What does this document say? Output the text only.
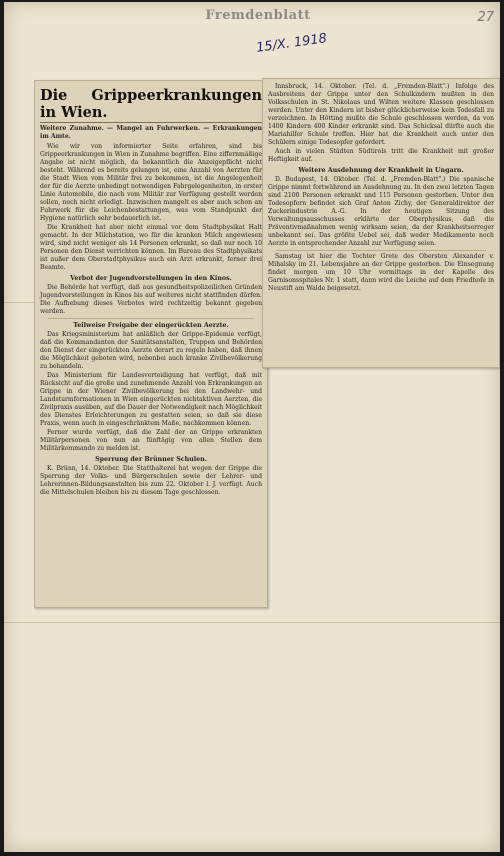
Fremdenblatt	27
15/X. 1918
Die Grippeerkrankungen in Wien.
Weitere Zunahme. — Mangel an Fuhrwerken. — Erkrankungen im Amte.

Wie wir von informierter Seite erfahren, sind bis Grippeerkrankungen in Wien in Zunahme begriffen. Eine ziffernmäßige Angabe ist nicht möglich, da bekanntlich die Anzeigepflicht nicht besteht. Während es bereits gelungen ist, eine Anzahl von Aerzten für die Stadt Wien vom Militär frei zu bekommen, ist die Angelegenheit der für die Aerzte unbedingt notwendigen Fahrgelegenheiten, in erster Linie Automobile, die nach vom Militär zur Verfügung gestellt werden sollen, noch nicht erledigt. Inzwischen mangelt es aber auch schon an Fuhrwerk für die Leichenbestattungen, was vom Standpunkt der Hygiene natürlich sehr bedauerlich ist.

Die Krankheit hat aber nicht einmal vor dem Stadtphysikat Halt gemacht. In der Milchstation, wo für die kranken Milch angewiesen wird, sind nicht weniger als 14 Personen erkrankt, so daß nur noch 10 Personen den Dienst verrichten können. Im Bureau des Stadtphysikats ist außer dem Oberstadtphysikus auch ein Arzt erkrankt, ferner drei Beamte.

Verbot der Jugendvorstellungen in den Kinos.

Die Behörde hat verfügt, daß aus gesundheitspolizeilichen Gründen Jugendvorstellungen in Kinos bis auf weiteres nicht stattfinden dürfen. Die Aufhebung dieses Verbotes wird rechtzeitig bekannt gegeben werden.

Teilweise Freigabe der eingerückten Aerzte.

Das Kriegsministerium hat anläßlich der Grippe-Epidemie verfügt, daß die Kommandanten der Sanitätsanstalten, Truppen und Behörden den Dienst der eingerückten Aerzte derart zu regeln haben, daß ihnen die Möglichkeit geboten wird, nebenbei auch kranke Zivilbevölkerung zu behandeln.

Das Ministerium für Landesverteidigung hat verfügt, daß mit Rücksicht auf die große und zunehmende Anzahl von Erkrankungen an Grippe in der Wiener Zivilbevölkerung bei den Landwehr- und Landsturmformationen in Wien eingerückten nichtaktiven Aerzten, die Zivilpraxis ausüben, auf die Dauer der Notwendigkeit nach Möglichkeit des Dienstes Erleichterungen zu gestatten seien, so daß sie diese Praxis, wenn auch in eingeschränktem Maße, nachkommen können.

Ferner wurde verfügt, daß die Zahl der an Grippe erkrankten Militärpersonen von nun an fünftägig von allen Stellen dem Militärkommando zu melden ist.

Sperrung der Brünner Schulen.

K. Brünn, 14. Oktober. Die Statthalterei hat wegen der Grippe die Sperrung der Volks- und Bürgerschulen sowie der Lehrer- und Lehrerinnen-Bildungsanstalten bis zum 22. Oktober l. J. verfügt. Auch die Mittelschulen bleiben bis zu diesem Tage geschlossen.

Innsbruck, 14. Oktober. (Tel. d. „Fremden-Blatt".) Infolge des Ausbreitens der Grippe unter den Schulkindern mußten in den Volksschulen in St. Nikolaus und Wilten weitere Klassen geschlossen werden. Unter den Kindern ist bisher glücklicherweise kein Todesfall zu verzeichnen. In Hötting mußte die Schule geschlossen werden, da von 1400 Kindern 400 Kinder erkrankt sind. Das Schicksal dürfte auch die Mariahilfer Schule treffen. Hier hat die Krankheit auch unter den Schülern einige Todesopfer gefordert.

Auch in vielen Städten Südtirols tritt die Krankheit mit großer Heftigkeit auf.

Weitere Ausdehnung der Krankheit in Ungarn.

D. Budapest, 14. Oktober. (Tel. d. „Fremden-Blatt".) Die spanische Grippe nimmt fortwährend an Ausdehnung zu. In den zwei letzten Tagen sind 2100 Personen erkrankt und 115 Personen gestorben. Unter den Todesopfern befindet sich Graf Anton Zichy, der Generaldirektor der Zuckerindustrie A.-G. In der heutigen Sitzung des Verwaltungsausschusses erklärte der Oberphysikus, daß die Präventivmaßnahmen wenig wirksam seien, da der Krankheitserreger unbekannt sei. Das größte Uebel sei, daß weder Medikamente noch Aerzte in entsprechender Anzahl zur Verfügung seien.

Samstag ist hier die Tochter Grete des Obersten Alexander v. Mihalsky im 21. Lebensjahre an der Grippe gestorben. Die Einsegnung findet morgen um 10 Uhr vormittags in der Kapelle des Garnisonsspitales Nr. 1 statt, dann wird die Leiche auf dem Friedhofe in Neustift am Walde beigesetzt.
